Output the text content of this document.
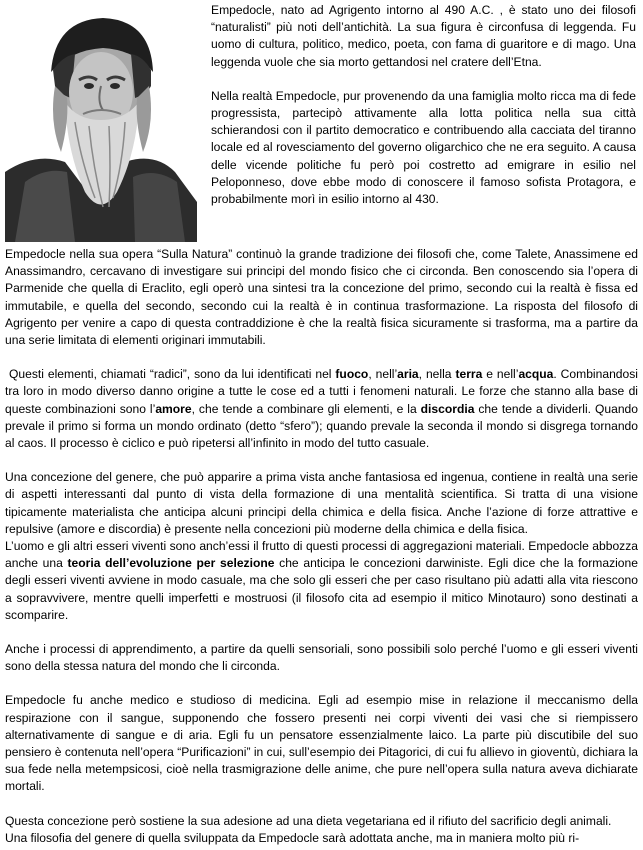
Empedocle, nato ad Agrigento intorno al 490 A.C. , è stato uno dei filosofi “naturalisti” più noti dell’antichità. La sua figura è circonfusa di leggenda. Fu uomo di cultura, politico, medico, poeta, con fama di guaritore e di mago. Una leggenda vuole che sia morto gettandosi nel cratere dell’Etna.

Nella realtà Empedocle, pur provenendo da una famiglia molto ricca ma di fede progressista, partecipò attivamente alla lotta politica nella sua città schierandosi con il partito democratico e contribuendo alla cacciata del tiranno locale ed al rovesciamento del governo oligarchico che ne era seguito. A causa delle vicende politiche fu però poi costretto ad emigrare in esilio nel Peloponneso, dove ebbe modo di conoscere il famoso sofista Protagora, e probabilmente morì in esilio intorno al 430.

Empedocle nella sua opera “Sulla Natura” continuò la grande tradizione dei filosofi che, come Talete, Anassimene ed Anassimandro, cercavano di investigare sui principi del mondo fisico che ci circonda. Ben conoscendo sia l’opera di Parmenide che quella di Eraclito, egli operò una sintesi tra la concezione del primo, secondo cui la realtà è fissa ed immutabile, e quella del secondo, secondo cui la realtà è in continua trasformazione. La risposta del filosofo di Agrigento per venire a capo di questa contraddizione è che la realtà fisica sicuramente si trasforma, ma a partire da una serie limitata di elementi originari immutabili.

Questi elementi, chiamati “radici”, sono da lui identificati nel fuoco, nell’aria, nella terra e nell’acqua. Combinandosi tra loro in modo diverso danno origine a tutte le cose ed a tutti i fenomeni naturali. Le forze che stanno alla base di queste combinazioni sono l’amore, che tende a combinare gli elementi, e la discordia che tende a dividerli. Quando prevale il primo si forma un mondo ordinato (detto “sfero”); quando prevale la seconda il mondo si disgrega tornando al caos. Il processo è ciclico e può ripetersi all’infinito in modo del tutto casuale.

Una concezione del genere, che può apparire a prima vista anche fantasiosa ed ingenua, contiene in realtà una serie di aspetti interessanti dal punto di vista della formazione di una mentalità scientifica. Si tratta di una visione tipicamente materialista che anticipa alcuni principi della chimica e della fisica. Anche l’azione di forze attrattive e repulsive (amore e discordia) è presente nella concezioni più moderne della chimica e della fisica.

L’uomo e gli altri esseri viventi sono anch’essi il frutto di questi processi di aggregazioni materiali. Empedocle abbozza anche una teoria dell’evoluzione per selezione che anticipa le concezioni darwiniste. Egli dice che la formazione degli esseri viventi avviene in modo casuale, ma che solo gli esseri che per caso risultano più adatti alla vita riescono a sopravvivere, mentre quelli imperfetti e mostruosi (il filosofo cita ad esempio il mitico Minotauro) sono destinati a scomparire.

Anche i processi di apprendimento, a partire da quelli sensoriali, sono possibili solo perché l’uomo e gli esseri viventi sono della stessa natura del mondo che li circonda.

Empedocle fu anche medico e studioso di medicina. Egli ad esempio mise in relazione il meccanismo della respirazione con il sangue, supponendo che fossero presenti nei corpi viventi dei vasi che si riempissero alternativamente di sangue e di aria. Egli fu un pensatore essenzialmente laico. La parte più discutibile del suo pensiero è contenuta nell’opera “Purificazioni” in cui, sull’esempio dei Pitagorici, di cui fu allievo in gioventù, dichiara la sua fede nella metempsicosi, cioè nella trasmigrazione delle anime, che pure nell’opera sulla natura aveva dichiarate mortali.

Questa concezione però sostiene la sua adesione ad una dieta vegetariana ed il rifiuto del sacrificio degli animali.

Una filosofia del genere di quella sviluppata da Empedocle sarà adottata anche, ma in maniera molto più ri-
